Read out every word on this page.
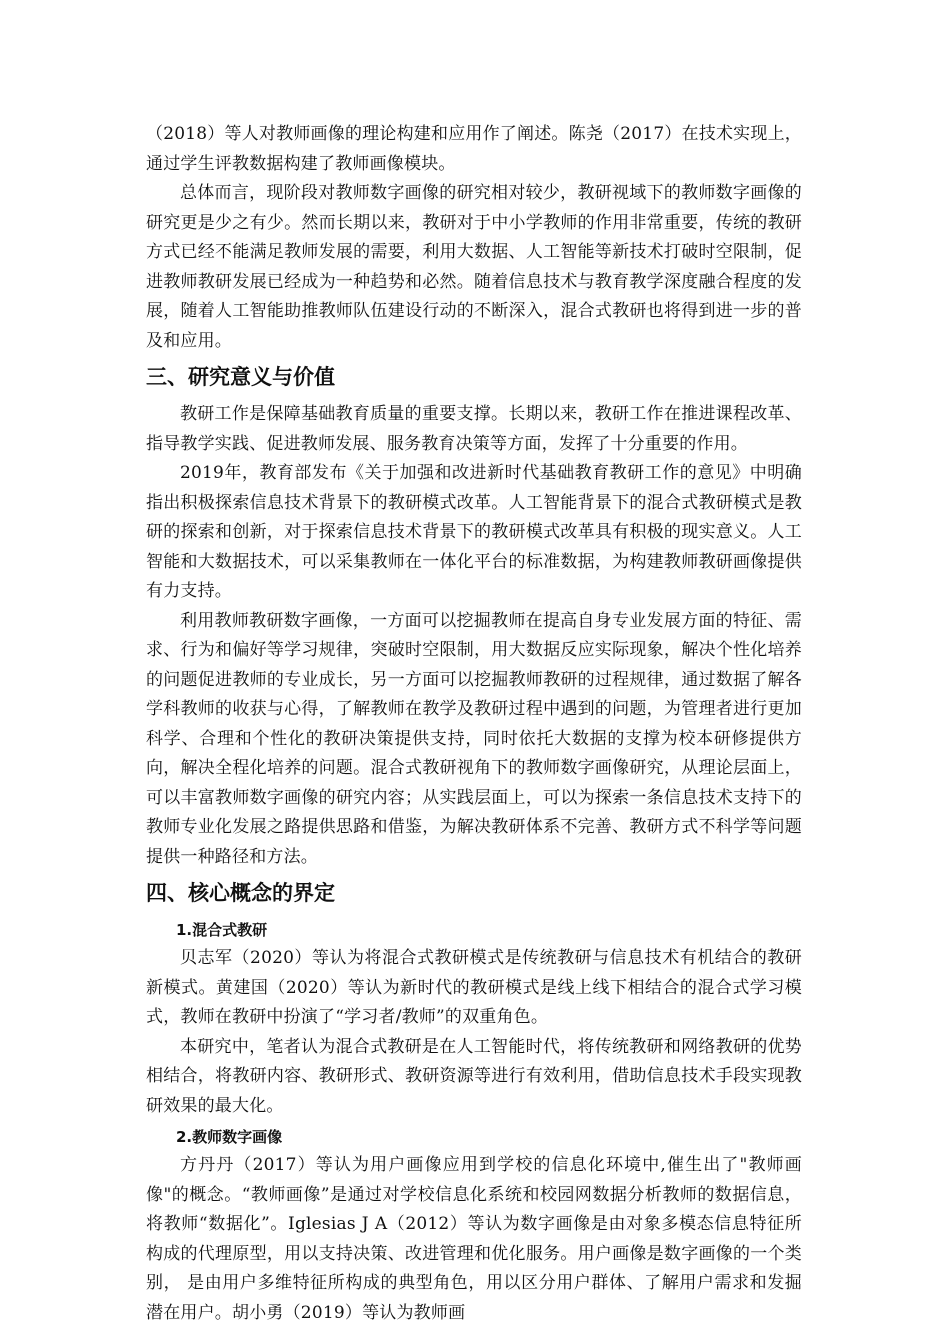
（2018）等人对教师画像的理论构建和应用作了阐述。陈尧（2017）在技术实现上，通过学生评教数据构建了教师画像模块。

总体而言，现阶段对教师数字画像的研究相对较少，教研视域下的教师数字画像的研究更是少之有少。然而长期以来，教研对于中小学教师的作用非常重要，传统的教研方式已经不能满足教师发展的需要，利用大数据、人工智能等新技术打破时空限制，促进教师教研发展已经成为一种趋势和必然。随着信息技术与教育教学深度融合程度的发展，随着人工智能助推教师队伍建设行动的不断深入，混合式教研也将得到进一步的普及和应用。

三、研究意义与价值

教研工作是保障基础教育质量的重要支撑。长期以来，教研工作在推进课程改革、指导教学实践、促进教师发展、服务教育决策等方面，发挥了十分重要的作用。

2019年，教育部发布《关于加强和改进新时代基础教育教研工作的意见》中明确指出积极探索信息技术背景下的教研模式改革。人工智能背景下的混合式教研模式是教研的探索和创新，对于探索信息技术背景下的教研模式改革具有积极的现实意义。人工智能和大数据技术，可以采集教师在一体化平台的标准数据，为构建教师教研画像提供有力支持。

利用教师教研数字画像，一方面可以挖掘教师在提高自身专业发展方面的特征、需求、行为和偏好等学习规律，突破时空限制，用大数据反应实际现象，解决个性化培养的问题促进教师的专业成长，另一方面可以挖掘教师教研的过程规律，通过数据了解各学科教师的收获与心得，了解教师在教学及教研过程中遇到的问题，为管理者进行更加科学、合理和个性化的教研决策提供支持，同时依托大数据的支撑为校本研修提供方向，解决全程化培养的问题。混合式教研视角下的教师数字画像研究，从理论层面上，可以丰富教师数字画像的研究内容；从实践层面上，可以为探索一条信息技术支持下的教师专业化发展之路提供思路和借鉴，为解决教研体系不完善、教研方式不科学等问题提供一种路径和方法。

四、核心概念的界定
1.混合式教研

贝志军（2020）等认为将混合式教研模式是传统教研与信息技术有机结合的教研新模式。黄建国（2020）等认为新时代的教研模式是线上线下相结合的混合式学习模式，教师在教研中扮演了“学习者/教师”的双重角色。

本研究中，笔者认为混合式教研是在人工智能时代，将传统教研和网络教研的优势相结合，将教研内容、教研形式、教研资源等进行有效利用，借助信息技术手段实现教研效果的最大化。

2.教师数字画像

方丹丹（2017）等认为用户画像应用到学校的信息化环境中,催生出了"教师画像"的概念。“教师画像”是通过对学校信息化系统和校园网数据分析教师的数据信息，将教师“数据化”。Iglesias J A（2012）等认为数字画像是由对象多模态信息特征所构成的代理原型，用以支持决策、改进管理和优化服务。用户画像是数字画像的一个类别， 是由用户多维特征所构成的典型角色，用以区分用户群体、了解用户需求和发掘潜在用户。胡小勇（2019）等认为教师画
